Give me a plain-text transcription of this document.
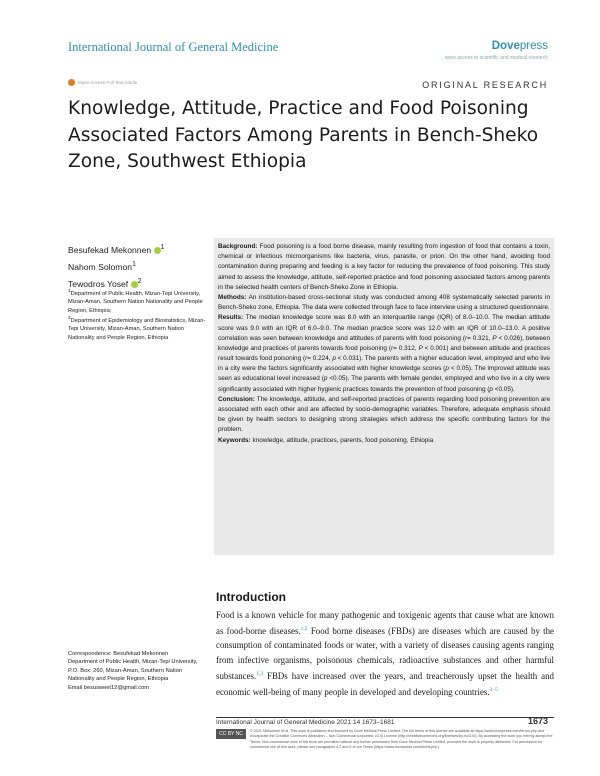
International Journal of General Medicine	Dovepress
open access to scientific and medical research
Open Access Full Text Article	ORIGINAL RESEARCH
Knowledge, Attitude, Practice and Food Poisoning Associated Factors Among Parents in Bench-Sheko Zone, Southwest Ethiopia
Besufekad Mekonnen $^1$
Nahom Solomon$^1$
Tewodros Yosef $^2$
$^1$Department of Public Health, Mizan-Tepi University, Mizan-Aman, Southern Nation Nationality and People Region, Ethiopia;
$^2$Department of Epidemiology and Biostatistics, Mizan-Tepi University, Mizan-Aman, Southern Nation Nationality and People Region, Ethiopia

Background: Food poisoning is a food borne disease, mainly resulting from ingestion of food that contains a toxin, chemical or infectious microorganisms like bacteria, virus, parasite, or prion. On the other hand, avoiding food contamination during preparing and feeding is a key factor for reducing the prevalence of food poisoning. This study aimed to assess the knowledge, attitude, self-reported practice and food poisoning associated factors among parents in the selected health centers of Bench-Sheko Zone in Ethiopia.

Methods: An institution-based cross-sectional study was conducted among 408 systematically selected parents in Bench-Sheko zone, Ethiopia. The data were collected through face to face interview using a structured questionnaire.

Results: The median knowledge score was 8.0 with an interquartile range (IQR) of 8.0–10.0. The median attitude score was 9.0 with an IQR of 6.0–9.0. The median practice score was 12.0 with an IQR of 10.0–13.0. A positive correlation was seen between knowledge and attitudes of parents with food poisoning (r= 0.321, P < 0.026), between knowledge and practices of parents towards food poisoning (r= 0.312, P < 0.001) and between attitude and practices result towards food poisoning (r= 0.224, p < 0.031). The parents with a higher education level, employed and who live in a city were the factors significantly associated with higher knowledge scores (p < 0.05). The improved attitude was seen as educational level increased (p <0.05). The parents with female gender, employed and who live in a city were significantly associated with higher hygienic practices towards the prevention of food poisoning (p <0.05).

Conclusion: The knowledge, attitude, and self-reported practices of parents regarding food poisoning prevention are associated with each other and are affected by socio-demographic variables. Therefore, adequate emphasis should be given by health sectors to designing strong strategies which address the specific contributing factors for the problem.

Keywords: knowledge, attitude, practices, parents, food poisoning, Ethiopia

Introduction
Food is a known vehicle for many pathogenic and toxigenic agents that cause what are known as food-borne diseases.$^{1,2}$ Food borne diseases (FBDs) are diseases which are caused by the consumption of contaminated foods or water, with a variety of diseases causing agents ranging from infective organisms, poisonous chemicals, radioactive substances and other harmful substances.$^{1,3}$ FBDs have increased over the years, and treacherously upset the health and economic well-being of many people in developed and developing countries.$^{3-5}$
Correspondence: Besufekad Mekonnen
Department of Public Health, Mizan-Tepi University, P.O. Box: 260, Mizan-Aman, Southern Nation Nationality and People Region, Ethiopia
Email besusweet12@gmail.com
International Journal of General Medicine 2021:14 1673–1681	1673
CC BY NC	© 2021 Mekonnen et al. This work is published and licensed by Dove Medical Press Limited. The full terms of this license are available at https://www.dovepress.com/terms.php and incorporate the Creative Commons Attribution – Non Commercial (unported, v3.0) License (http://creativecommons.org/licenses/by-nc/3.0/). By accessing the work you hereby accept the Terms. Non-commercial uses of the work are permitted without any further permission from Dove Medical Press Limited, provided the work is properly attributed. For permission for commercial use of this work, please see paragraphs 4.2 and 5 of our Terms (https://www.dovepress.com/terms.php).
